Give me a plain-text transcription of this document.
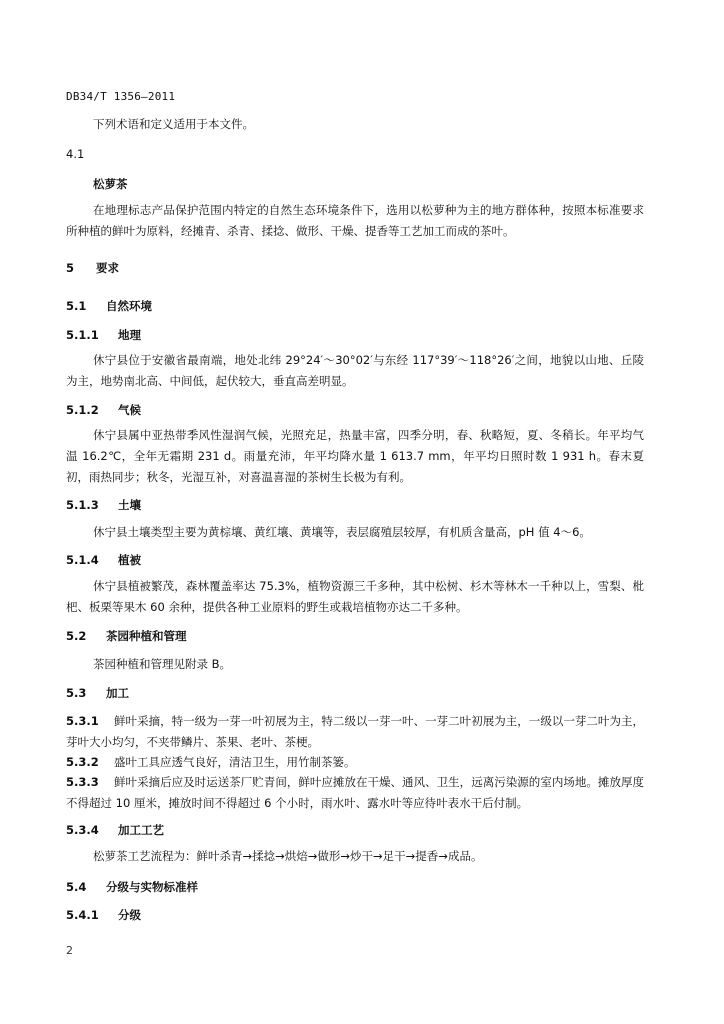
DB34/T 1356—2011
下列术语和定义适用于本文件。
4.1
松萝茶
在地理标志产品保护范围内特定的自然生态环境条件下，选用以松萝种为主的地方群体种，按照本标准要求所种植的鲜叶为原料，经摊青、杀青、揉捻、做形、干燥、提香等工艺加工而成的茶叶。
5 要求
5.1 自然环境
5.1.1 地理
休宁县位于安徽省最南端，地处北纬 29°24′～30°02′与东经 117°39′～118°26′之间，地貌以山地、丘陵为主，地势南北高、中间低，起伏较大，垂直高差明显。
5.1.2 气候
休宁县属中亚热带季风性湿润气候，光照充足，热量丰富，四季分明，春、秋略短，夏、冬稍长。年平均气温 16.2℃，全年无霜期 231 d。雨量充沛，年平均降水量 1 613.7 mm，年平均日照时数 1 931 h。春末夏初，雨热同步；秋冬，光湿互补，对喜温喜湿的茶树生长极为有利。
5.1.3 土壤
休宁县土壤类型主要为黄棕壤、黄红壤、黄壤等，表层腐殖层较厚，有机质含量高，pH 值 4～6。
5.1.4 植被
休宁县植被繁茂，森林覆盖率达 75.3%，植物资源三千多种，其中松树、杉木等林木一千种以上，雪梨、枇杷、板栗等果木 60 余种，提供各种工业原料的野生或栽培植物亦达二千多种。
5.2 茶园种植和管理
茶园种植和管理见附录 B。
5.3 加工
5.3.1 鲜叶采摘，特一级为一芽一叶初展为主，特二级以一芽一叶、一芽二叶初展为主，一级以一芽二叶为主，芽叶大小均匀，不夹带鳞片、茶果、老叶、茶梗。
5.3.2 盛叶工具应透气良好，清洁卫生，用竹制茶篓。
5.3.3 鲜叶采摘后应及时运送茶厂贮青间，鲜叶应摊放在干燥、通风、卫生，远离污染源的室内场地。摊放厚度不得超过 10 厘米，摊放时间不得超过 6 个小时，雨水叶、露水叶等应待叶表水干后付制。
5.3.4 加工工艺
松萝茶工艺流程为：鲜叶杀青→揉捻→烘焙→做形→炒干→足干→提香→成品。
5.4 分级与实物标准样
5.4.1 分级
2
